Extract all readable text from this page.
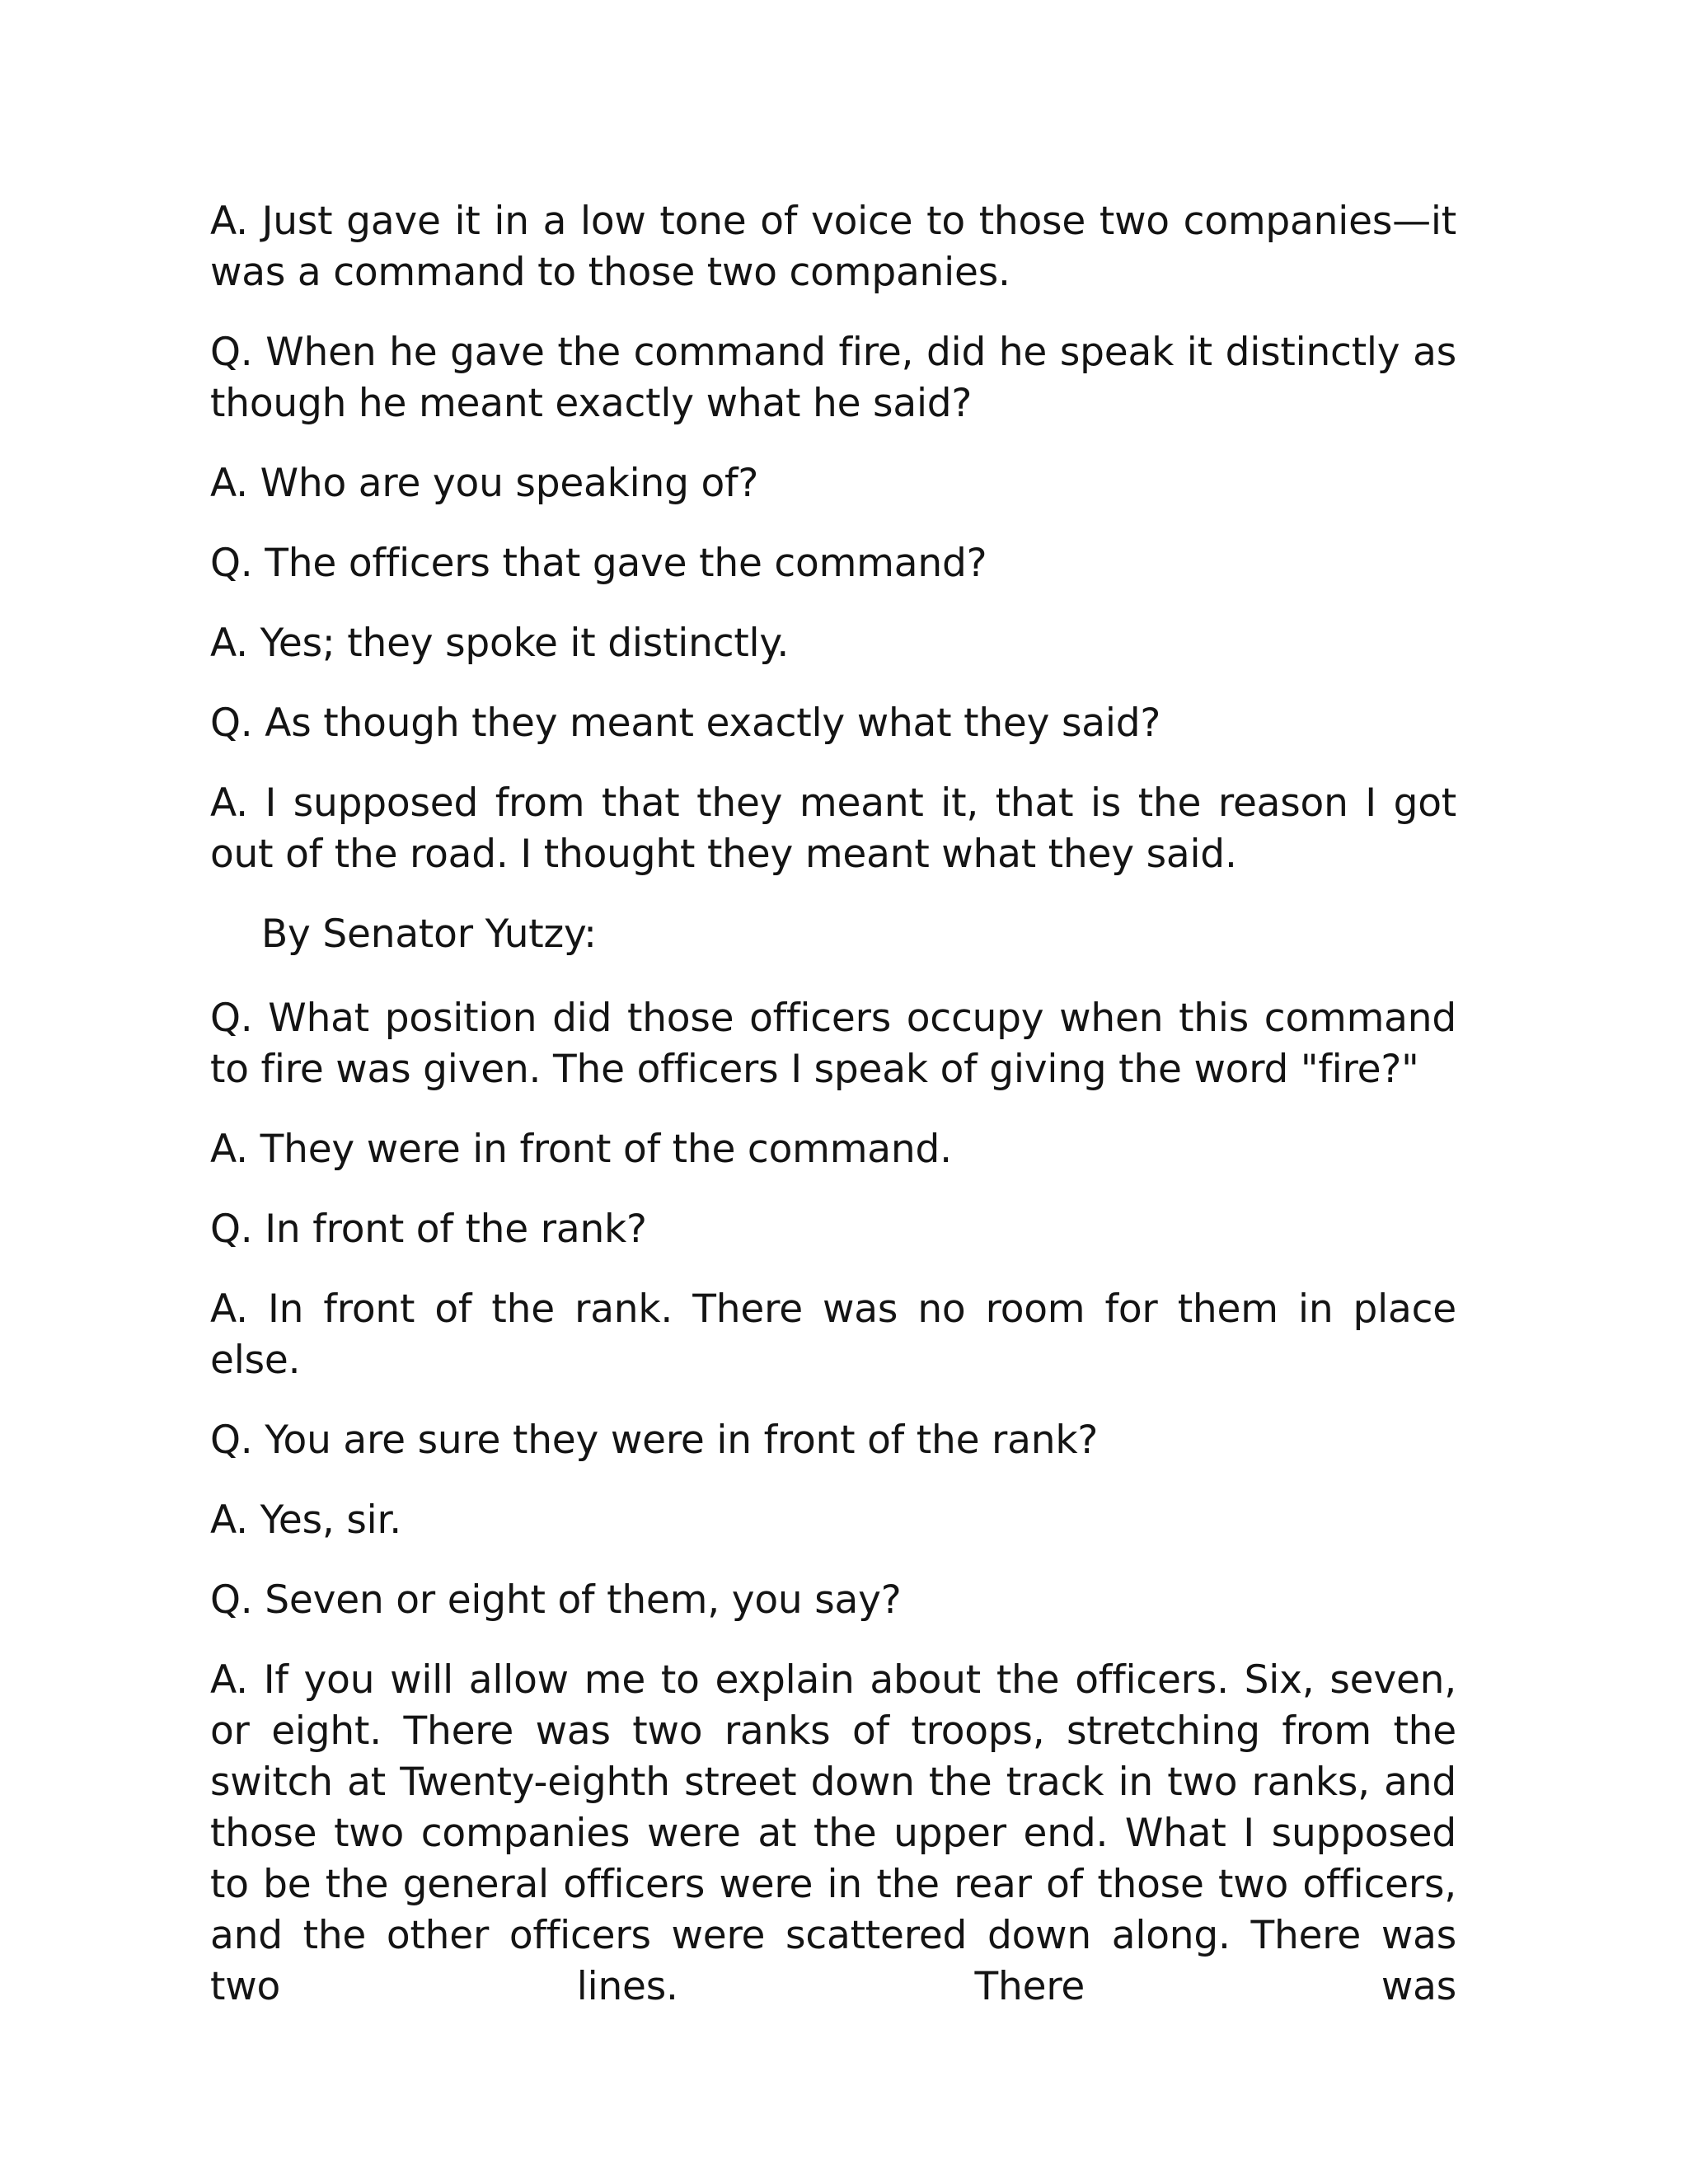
A. Just gave it in a low tone of voice to those two companies—it was a command to those two companies.

Q. When he gave the command fire, did he speak it distinctly as though he meant exactly what he said?

A. Who are you speaking of?

Q. The officers that gave the command?

A. Yes; they spoke it distinctly.

Q. As though they meant exactly what they said?

A. I supposed from that they meant it, that is the reason I got out of the road. I thought they meant what they said.

By Senator Yutzy:

Q. What position did those officers occupy when this command to fire was given. The officers I speak of giving the word "fire?"

A. They were in front of the command.

Q. In front of the rank?

A. In front of the rank. There was no room for them in place else.

Q. You are sure they were in front of the rank?

A. Yes, sir.

Q. Seven or eight of them, you say?

A. If you will allow me to explain about the officers. Six, seven, or eight. There was two ranks of troops, stretching from the switch at Twenty-eighth street down the track in two ranks, and those two companies were at the upper end. What I supposed to be the general officers were in the rear of those two officers, and the other officers were scattered down along. There was two lines. There was
